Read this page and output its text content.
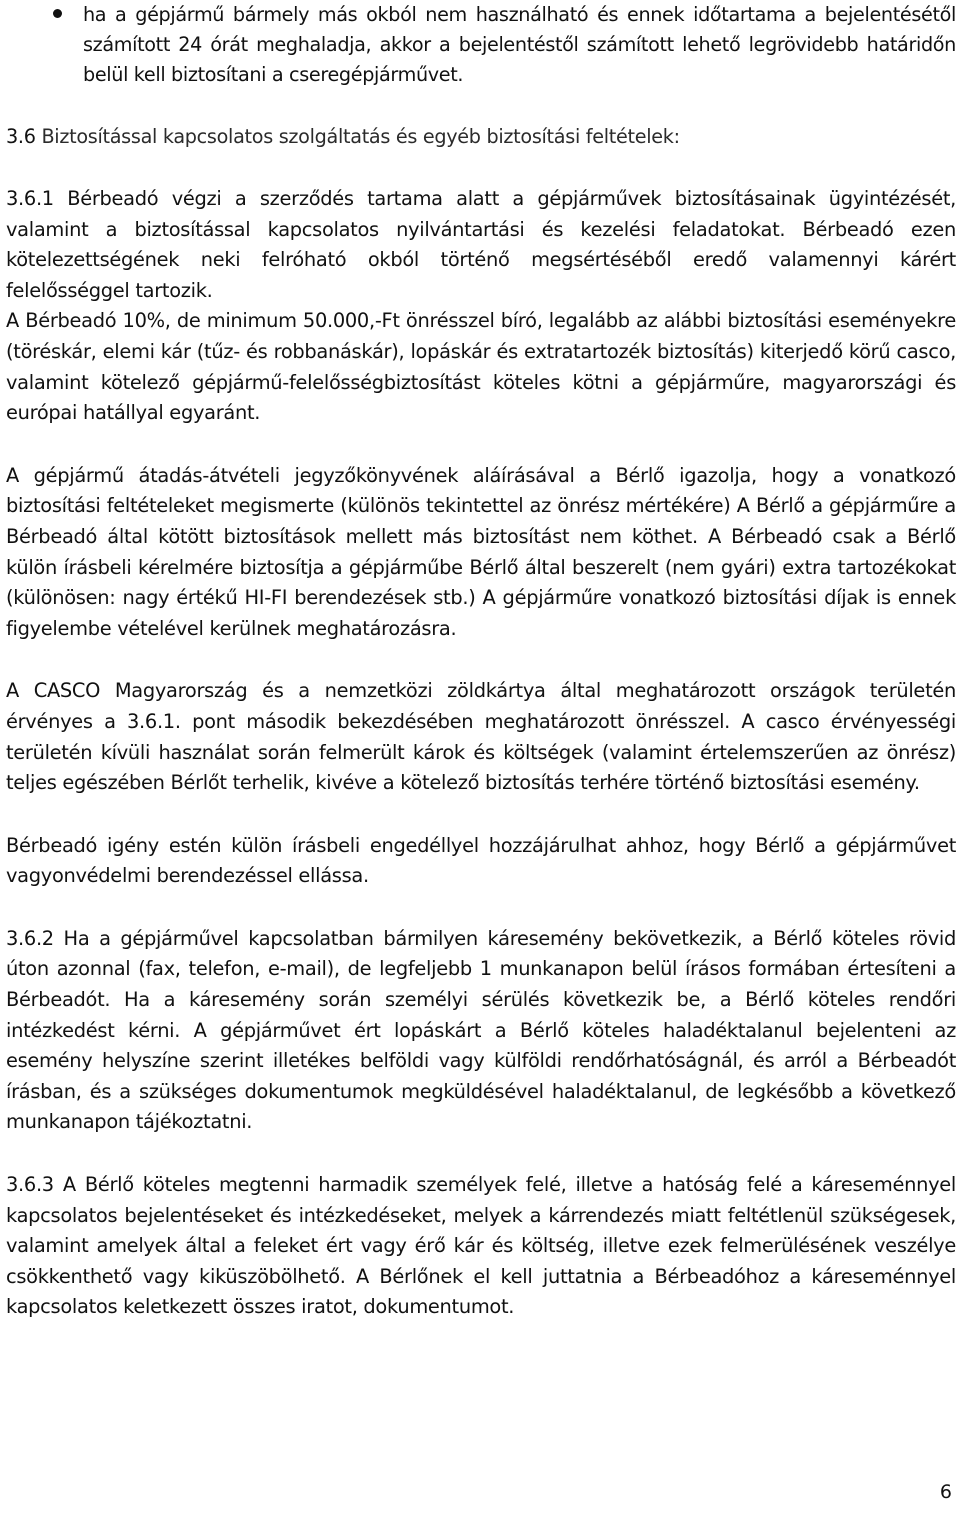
ha a gépjármű bármely más okból nem használható és ennek időtartama a bejelentésétől számított 24 órát meghaladja, akkor a bejelentéstől számított lehető legrövidebb határidőn belül kell biztosítani a cseregépjárművet.
3.6 Biztosítással kapcsolatos szolgáltatás és egyéb biztosítási feltételek:

3.6.1 Bérbeadó végzi a szerződés tartama alatt a gépjárművek biztosításainak ügyintézését, valamint a biztosítással kapcsolatos nyilvántartási és kezelési feladatokat. Bérbeadó ezen kötelezettségének neki felróható okból történő megsértéséből eredő valamennyi kárért felelősséggel tartozik.

A Bérbeadó 10%, de minimum 50.000,-Ft önrésszel bíró, legalább az alábbi biztosítási eseményekre (töréskár, elemi kár (tűz- és robbanáskár), lopáskár és extratartozék biztosítás) kiterjedő körű casco, valamint kötelező gépjármű-felelősségbiztosítást köteles kötni a gépjárműre, magyarországi és európai hatállyal egyaránt.

A gépjármű átadás-átvételi jegyzőkönyvének aláírásával a Bérlő igazolja, hogy a vonatkozó biztosítási feltételeket megismerte (különös tekintettel az önrész mértékére) A Bérlő a gépjárműre a Bérbeadó által kötött biztosítások mellett más biztosítást nem köthet. A Bérbeadó csak a Bérlő külön írásbeli kérelmére biztosítja a gépjárműbe Bérlő által beszerelt (nem gyári) extra tartozékokat (különösen: nagy értékű HI-FI berendezések stb.) A gépjárműre vonatkozó biztosítási díjak is ennek figyelembe vételével kerülnek meghatározásra.

A CASCO Magyarország és a nemzetközi zöldkártya által meghatározott országok területén érvényes a 3.6.1. pont második bekezdésében meghatározott önrésszel. A casco érvényességi területén kívüli használat során felmerült károk és költségek (valamint értelemszerűen az önrész) teljes egészében Bérlőt terhelik, kivéve a kötelező biztosítás terhére történő biztosítási esemény.

Bérbeadó igény estén külön írásbeli engedéllyel hozzájárulhat ahhoz, hogy Bérlő a gépjárművet vagyonvédelmi berendezéssel ellássa.

3.6.2 Ha a gépjárművel kapcsolatban bármilyen káresemény bekövetkezik, a Bérlő köteles rövid úton azonnal (fax, telefon, e-mail), de legfeljebb 1 munkanapon belül írásos formában értesíteni a Bérbeadót. Ha a káresemény során személyi sérülés következik be, a Bérlő köteles rendőri intézkedést kérni. A gépjárművet ért lopáskárt a Bérlő köteles haladéktalanul bejelenteni az esemény helyszíne szerint illetékes belföldi vagy külföldi rendőrhatóságnál, és arról a Bérbeadót írásban, és a szükséges dokumentumok megküldésével haladéktalanul, de legkésőbb a következő munkanapon tájékoztatni.

3.6.3 A Bérlő köteles megtenni harmadik személyek felé, illetve a hatóság felé a káreseménnyel kapcsolatos bejelentéseket és intézkedéseket, melyek a kárrendezés miatt feltétlenül szükségesek, valamint amelyek által a feleket ért vagy érő kár és költség, illetve ezek felmerülésének veszélye csökkenthető vagy kiküszöbölhető. A Bérlőnek el kell juttatnia a Bérbeadóhoz a káreseménnyel kapcsolatos keletkezett összes iratot, dokumentumot.

6
